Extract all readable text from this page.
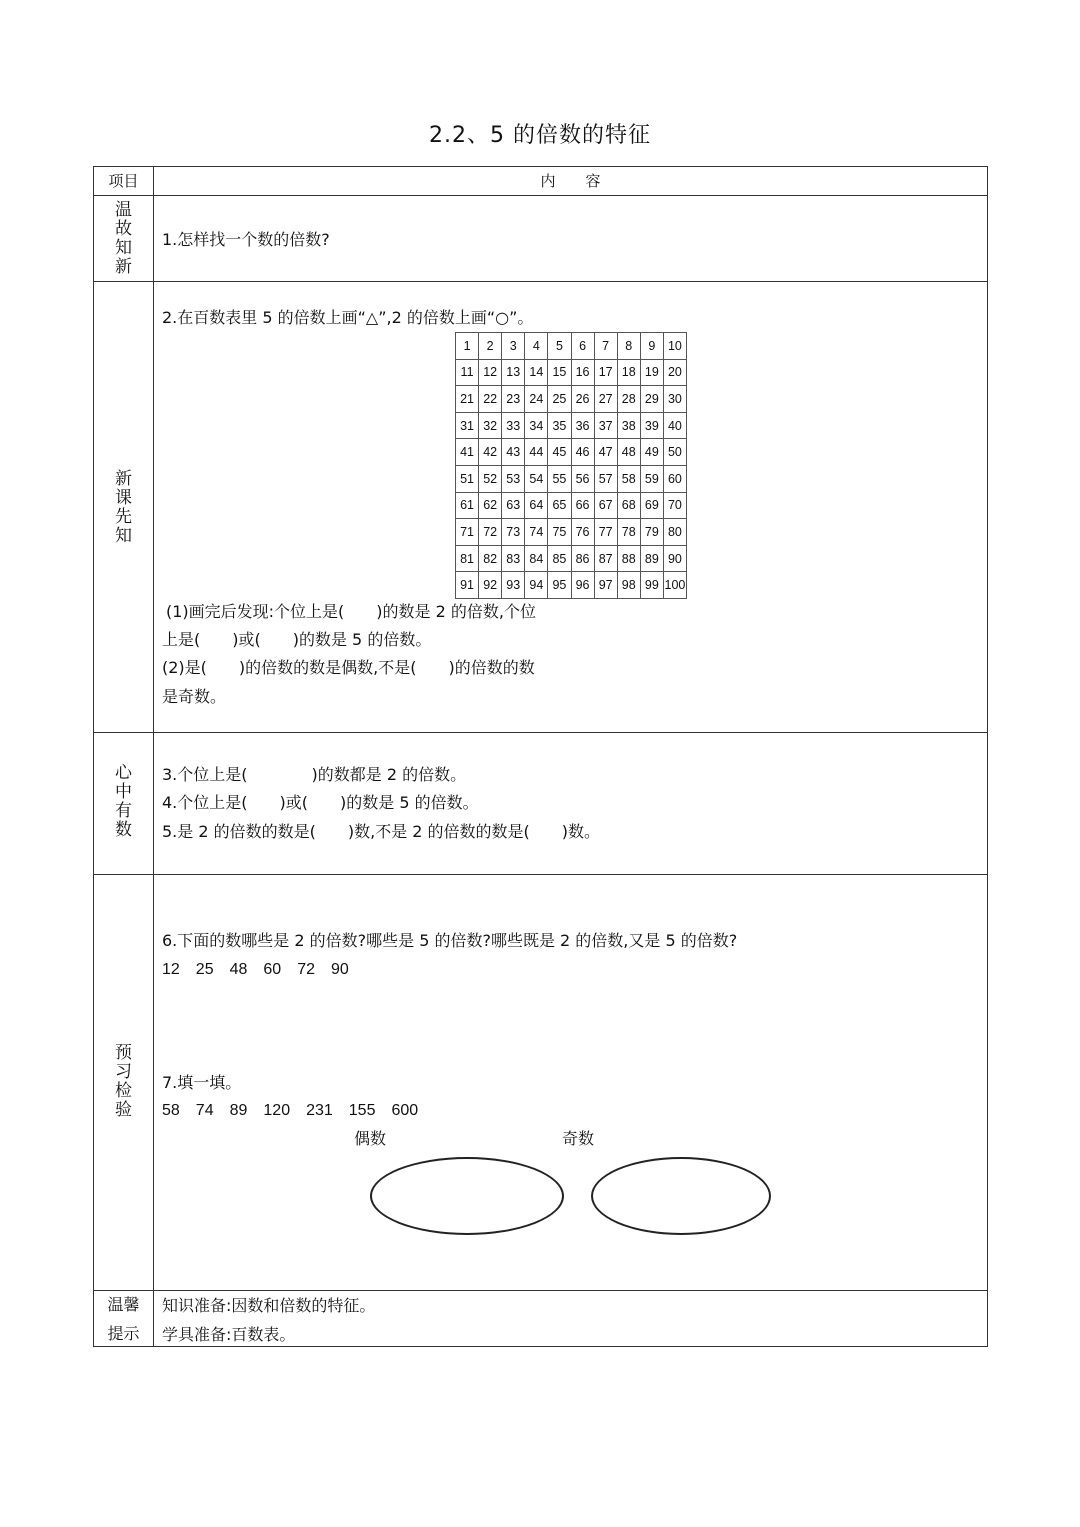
2.2、5 的倍数的特征
项目	内　　容
温故知新
1.怎样找一个数的倍数?
新课先知
2.在百数表里 5 的倍数上画“△”,2 的倍数上画“○”。
1	2	3	4	5	6	7	8	9	10
11 12 13 14 15 16 17 18 19 20
21 22 23 24 25 26 27 28 29 30
31 32 33 34 35 36 37 38 39 40
41 42 43 44 45 46 47 48 49 50
51 52 53 54 55 56 57 58 59 60
61 62 63 64 65 66 67 68 69 70
71 72 73 74 75 76 77 78 79 80
81 82 83 84 85 86 87 88 89 90
91 92 93 94 95 96 97 98 99 100
(1)画完后发现:个位上是(　　)的数是 2 的倍数,个位
上是(　　)或(　　)的数是 5 的倍数。
(2)是(　　)的倍数的数是偶数,不是(　　)的倍数的数
是奇数。
心中有数
3.个位上是(　　　　)的数都是 2 的倍数。
4.个位上是(　　)或(　　)的数是 5 的倍数。
5.是 2 的倍数的数是(　　)数,不是 2 的倍数的数是(　　)数。
预习检验
6.下面的数哪些是 2 的倍数?哪些是 5 的倍数?哪些既是 2 的倍数,又是 5 的倍数?
12　25　48　60　72　90
7.填一填。
58　74　89　120　231　155　600
偶数	奇数
温馨
提示
知识准备:因数和倍数的特征。
学具准备:百数表。
